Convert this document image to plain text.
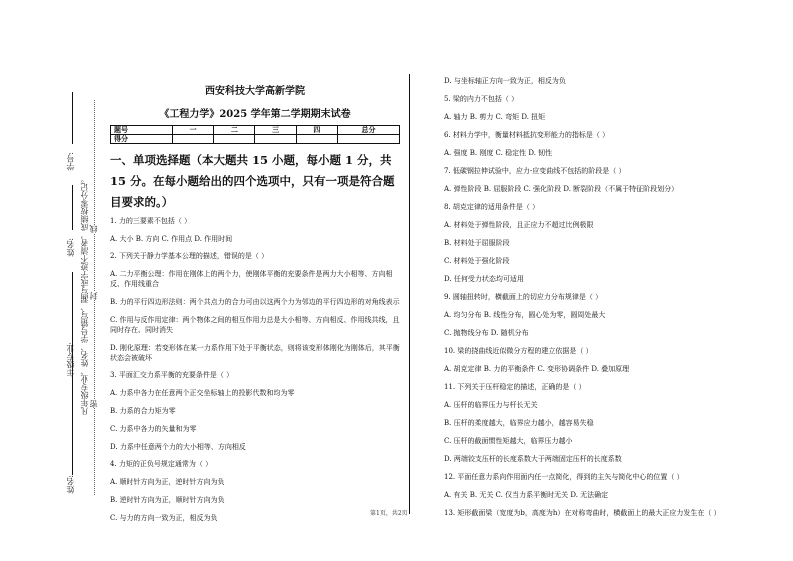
学号:
姓名:
年级专业:
姓名:
凡年级专业、姓名、学号错写、漏写或字迹不清者，成绩按零分记。 线
封
密
西安科技大学高新学院
《工程力学》2025 学年第二学期期末试卷
题号	一	二	三	四	总分
得分					
一、单项选择题（本大题共 15 小题，每小题 1 分，共 15 分。在每小题给出的四个选项中，只有一项是符合题目要求的。）
1. 力的三要素不包括（ ）
A. 大小 B. 方向 C. 作用点 D. 作用时间
2. 下列关于静力学基本公理的描述，错误的是（ ）
A. 二力平衡公理：作用在刚体上的两个力，使刚体平衡的充要条件是两力大小相等、方向相反、作用线重合
B. 力的平行四边形法则：两个共点力的合力可由以这两个力为邻边的平行四边形的对角线表示
C. 作用与反作用定律：两个物体之间的相互作用力总是大小相等、方向相反、作用线共线，且同时存在、同时消失
D. 刚化原理：若变形体在某一力系作用下处于平衡状态，则将该变形体刚化为刚体后，其平衡状态会被破坏
3. 平面汇交力系平衡的充要条件是（ ）
A. 力系中各力在任意两个正交坐标轴上的投影代数和均为零
B. 力系的合力矩为零
C. 力系中各力的矢量和为零
D. 力系中任意两个力的大小相等、方向相反
4. 力矩的正负号规定通常为（ ）
A. 顺时针方向为正，逆时针方向为负
B. 逆时针方向为正，顺时针方向为负
C. 与力的方向一致为正，相反为负
D. 与坐标轴正方向一致为正，相反为负
5. 梁的内力不包括（ ）
A. 轴力 B. 剪力 C. 弯矩 D. 扭矩
6. 材料力学中，衡量材料抵抗变形能力的指标是（ ）
A. 强度 B. 刚度 C. 稳定性 D. 韧性
7. 低碳钢拉伸试验中，应力-应变曲线不包括的阶段是（ ）
A. 弹性阶段 B. 屈服阶段 C. 强化阶段 D. 断裂阶段（不属于特征阶段划分）
8. 胡克定律的适用条件是（ ）
A. 材料处于弹性阶段，且正应力不超过比例极限
B. 材料处于屈服阶段
C. 材料处于强化阶段
D. 任何受力状态均可适用
9. 圆轴扭转时，横截面上的切应力分布规律是（ ）
A. 均匀分布 B. 线性分布，圆心处为零，圆周处最大
C. 抛物线分布 D. 随机分布
10. 梁的挠曲线近似微分方程的建立依据是（ ）
A. 胡克定律 B. 力的平衡条件 C. 变形协调条件 D. 叠加原理
11. 下列关于压杆稳定的描述，正确的是（ ）
A. 压杆的临界压力与杆长无关
B. 压杆的柔度越大，临界应力越小，越容易失稳
C. 压杆的截面惯性矩越大，临界压力越小
D. 两端铰支压杆的长度系数大于两端固定压杆的长度系数
12. 平面任意力系向作用面内任一点简化，得到的主矢与简化中心的位置（ ）
A. 有关 B. 无关 C. 仅当力系平衡时无关 D. 无法确定
13. 矩形截面梁（宽度为b，高度为h）在对称弯曲时，横截面上的最大正应力发生在（ ）
第1页，共2页
